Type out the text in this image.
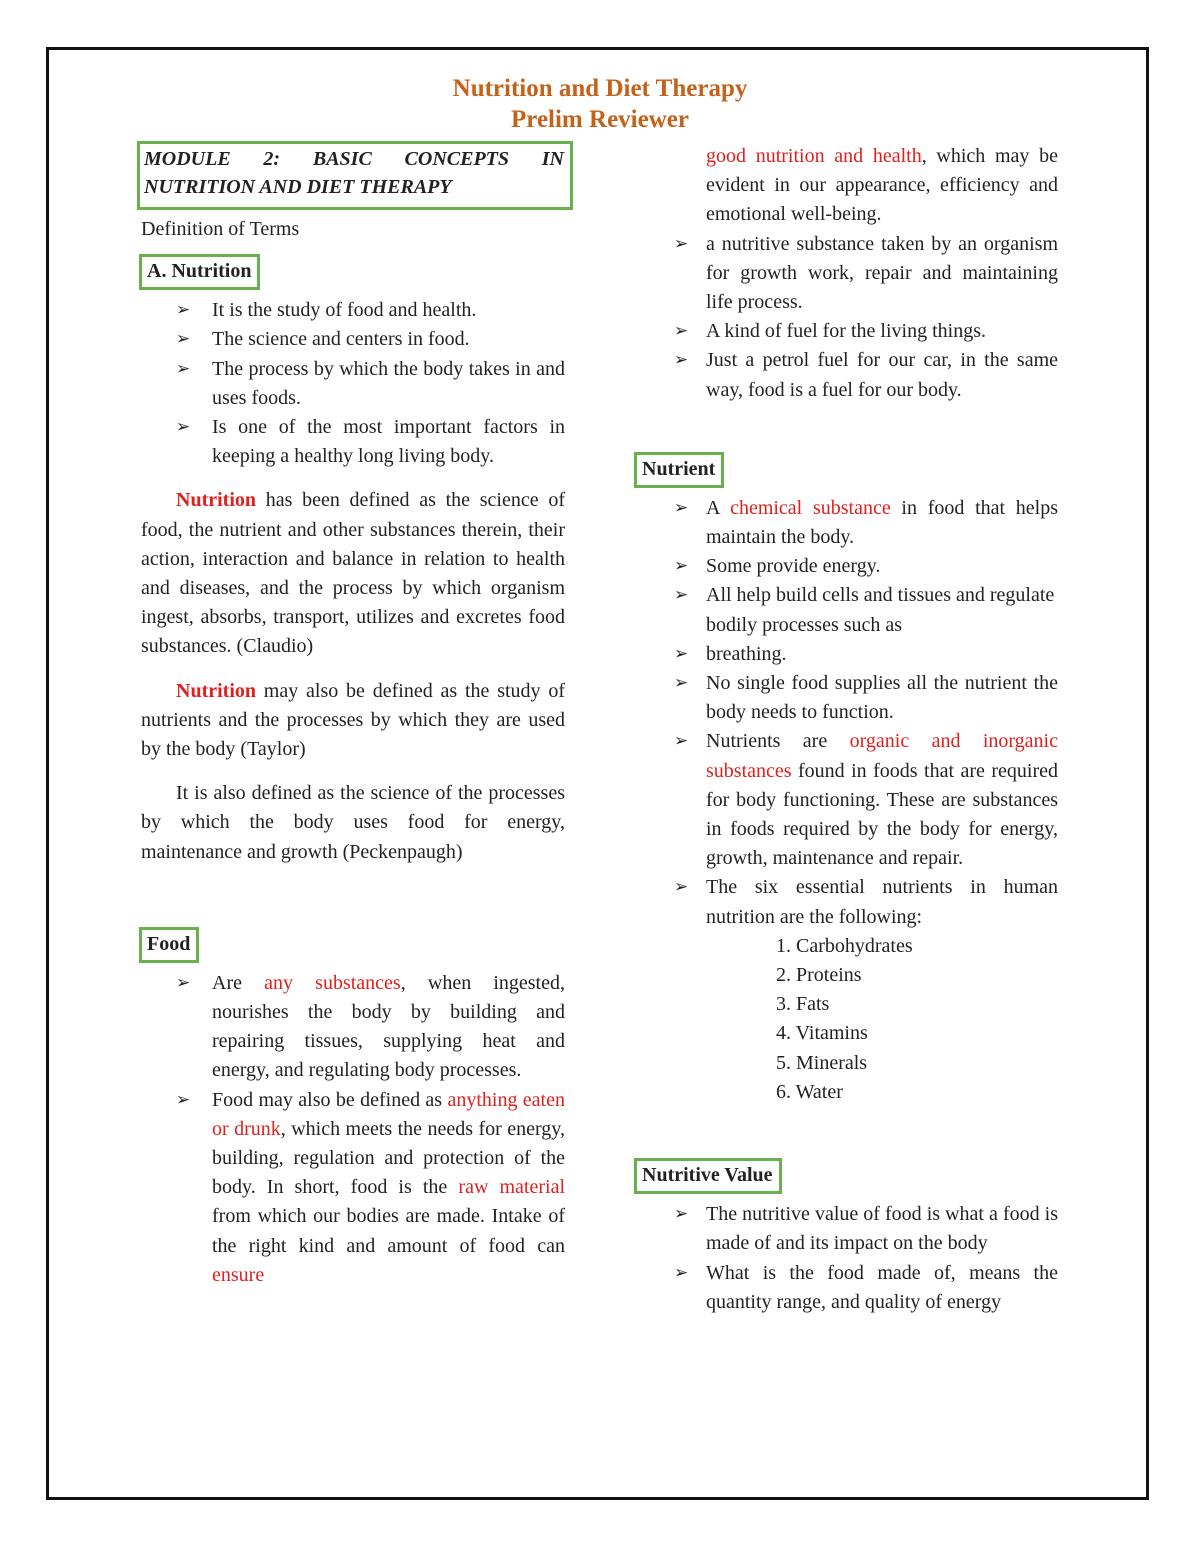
Nutrition and Diet Therapy
Prelim Reviewer
MODULE 2: BASIC CONCEPTS IN NUTRITION AND DIET THERAPY
Definition of Terms
A. Nutrition

➢ It is the study of food and health.

➢ The science and centers in food.

➢ The process by which the body takes in and uses foods.

➢ Is one of the most important factors in keeping a healthy long living body.

Nutrition has been defined as the science of food, the nutrient and other substances therein, their action, interaction and balance in relation to health and diseases, and the process by which organism ingest, absorbs, transport, utilizes and excretes food substances. (Claudio)

Nutrition may also be defined as the study of nutrients and the processes by which they are used by the body (Taylor)

It is also defined as the science of the processes by which the body uses food for energy, maintenance and growth (Peckenpaugh)

Food

➢ Are any substances, when ingested, nourishes the body by building and repairing tissues, supplying heat and energy, and regulating body processes.

➢ Food may also be defined as anything eaten or drunk, which meets the needs for energy, building, regulation and protection of the body. In short, food is the raw material from which our bodies are made. Intake of the right kind and amount of food can ensure

good nutrition and health, which may be evident in our appearance, efficiency and emotional well-being.

➢ a nutritive substance taken by an organism for growth work, repair and maintaining life process.

➢ A kind of fuel for the living things.

➢ Just a petrol fuel for our car, in the same way, food is a fuel for our body.

Nutrient

➢ A chemical substance in food that helps maintain the body.

➢ Some provide energy.

➢ All help build cells and tissues and regulate bodily processes such as

➢ breathing.

➢ No single food supplies all the nutrient the body needs to function.

➢ Nutrients are organic and inorganic substances found in foods that are required for body functioning. These are substances in foods required by the body for energy, growth, maintenance and repair.

➢ The six essential nutrients in human nutrition are the following:

1. Carbohydrates
2. Proteins
3. Fats
4. Vitamins
5. Minerals
6. Water
Nutritive Value

➢ The nutritive value of food is what a food is made of and its impact on the body

➢ What is the food made of, means the quantity range, and quality of energy
